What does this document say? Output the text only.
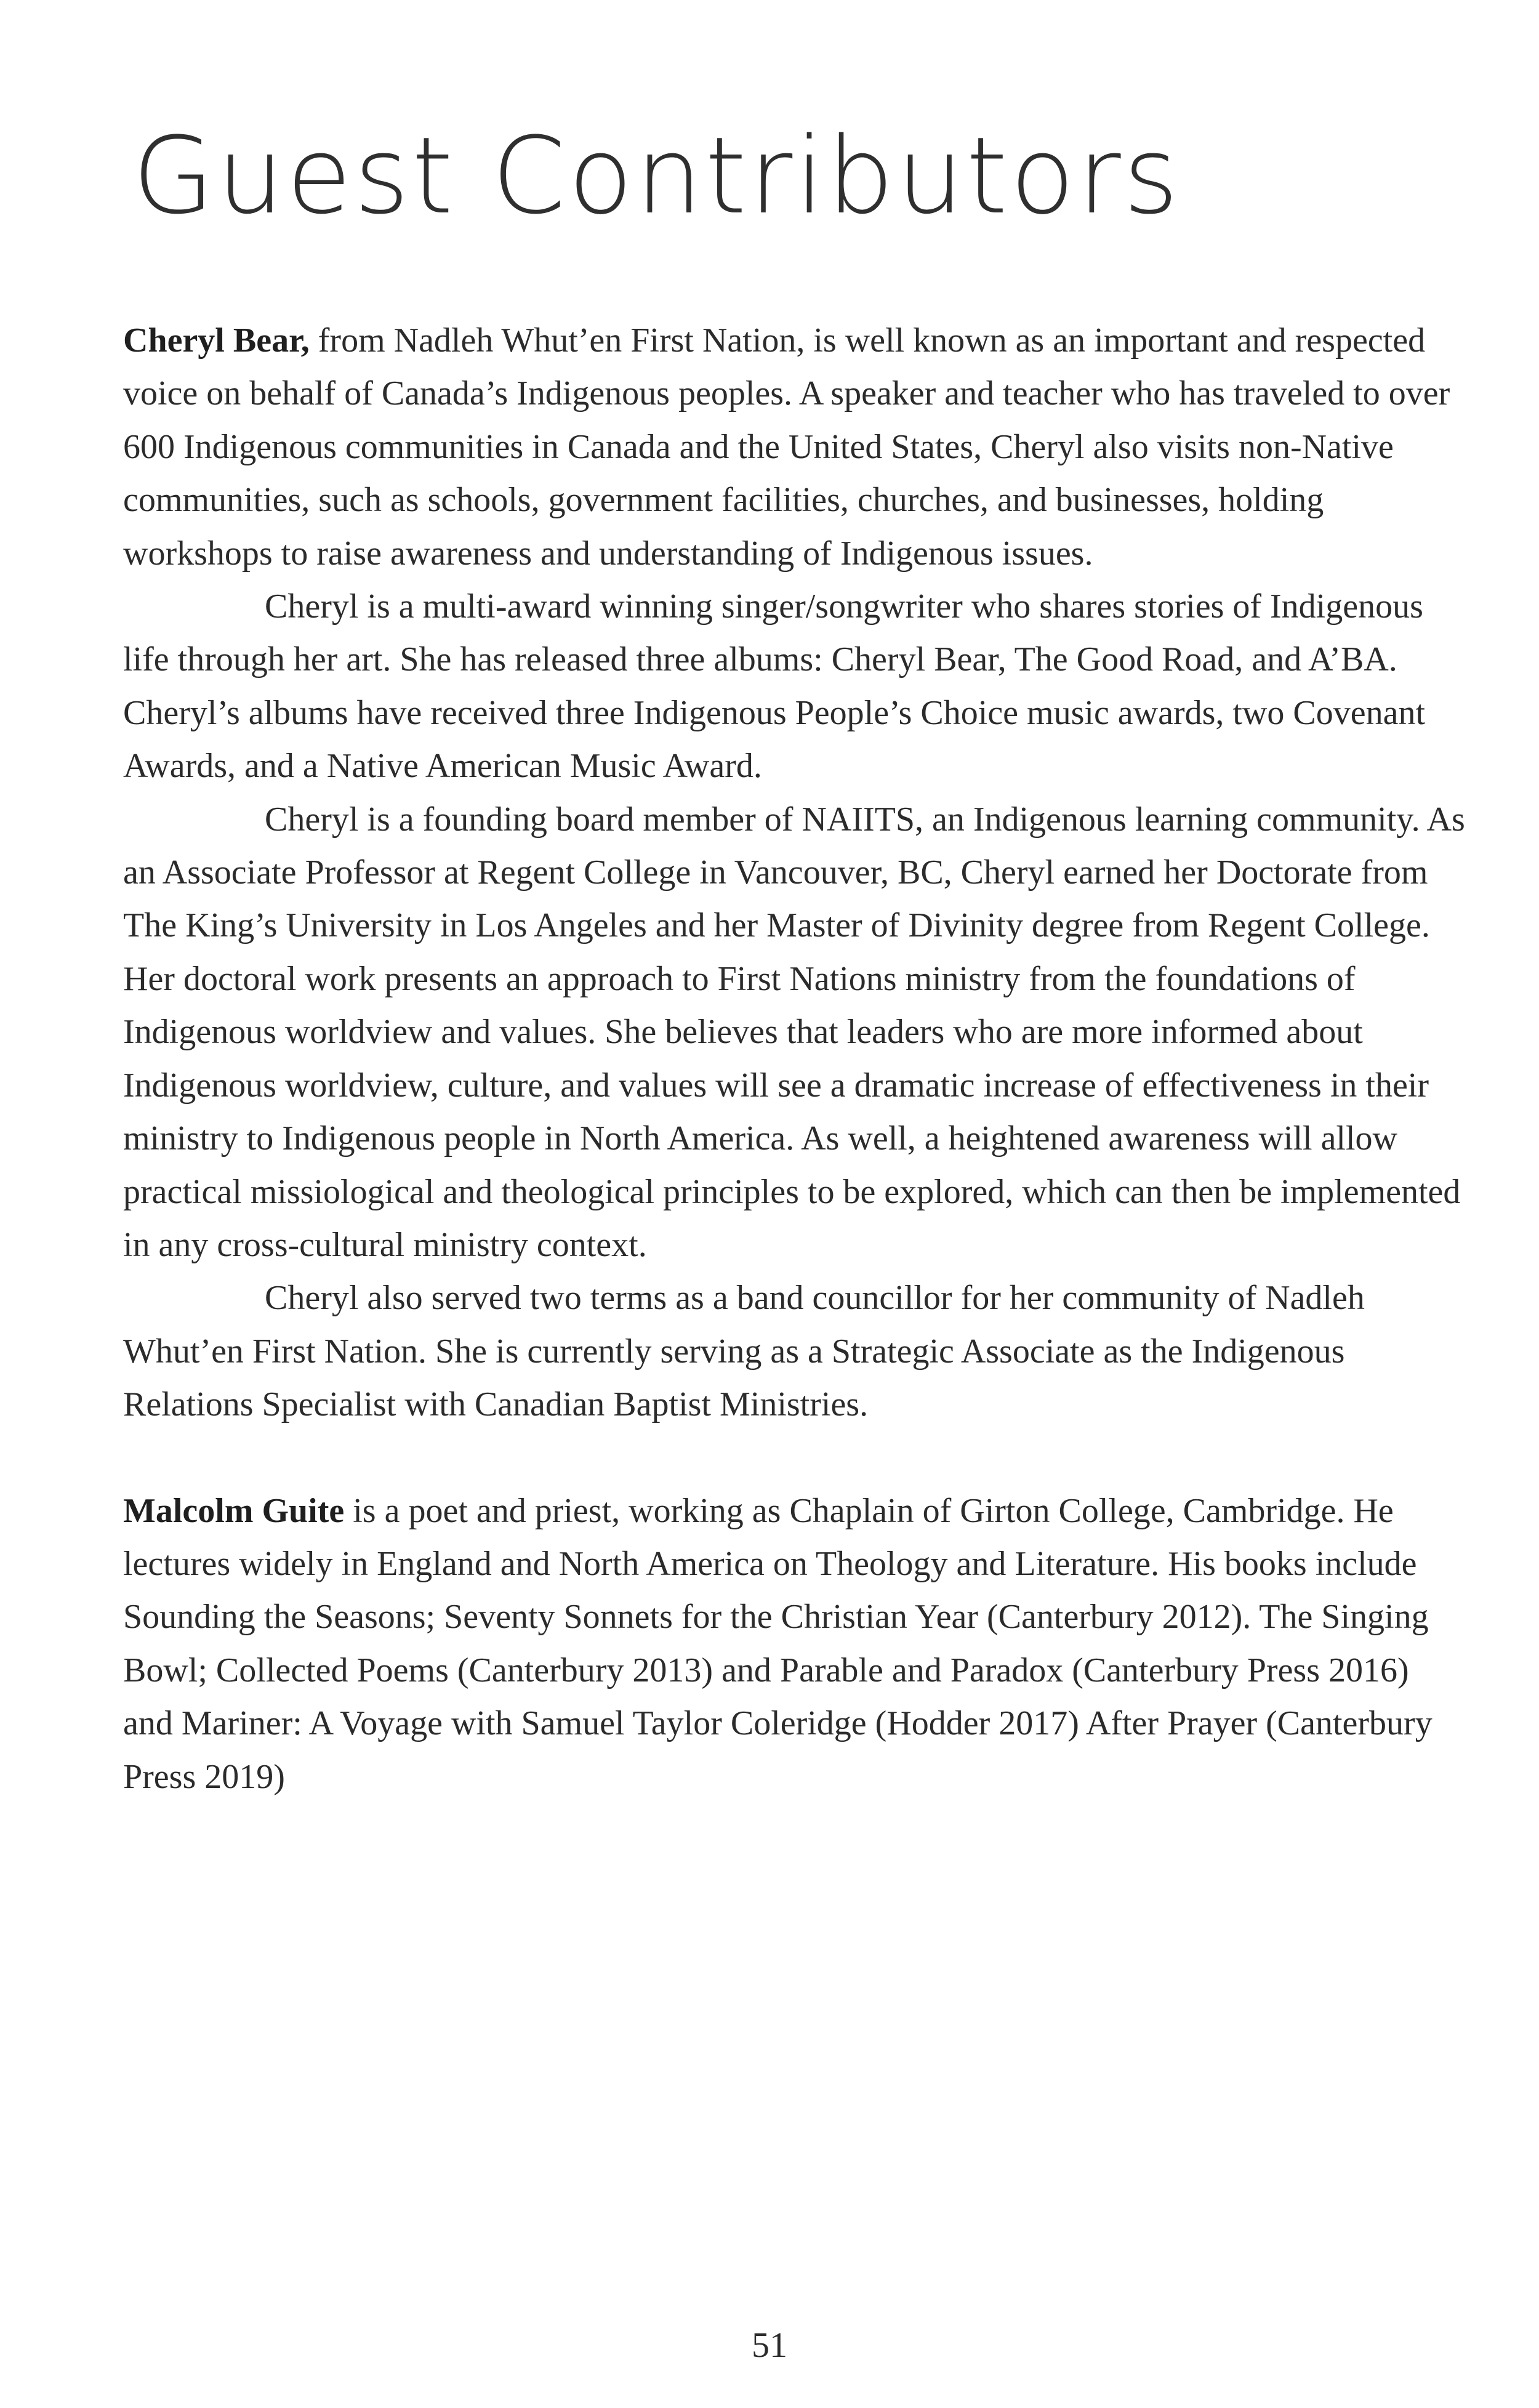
Guest Contributors

Cheryl Bear, from Nadleh Whut’en First Nation, is well known as an important and respected voice on behalf of Canada’s Indigenous peoples. A speaker and teacher who has traveled to over 600 Indigenous communities in Canada and the United States, Cheryl also visits non-Native communities, such as schools, government facilities, churches, and businesses, holding workshops to raise awareness and understanding of Indigenous issues.

Cheryl is a multi-award winning singer/songwriter who shares stories of Indigenous life through her art. She has released three albums: Cheryl Bear, The Good Road, and A’BA. Cheryl’s albums have received three Indigenous People’s Choice music awards, two Covenant Awards, and a Native American Music Award.

Cheryl is a founding board member of NAIITS, an Indigenous learning community. As an Associate Professor at Regent College in Vancouver, BC, Cheryl earned her Doctorate from The King’s University in Los Angeles and her Master of Divinity degree from Regent College. Her doctoral work presents an approach to First Nations ministry from the foundations of Indigenous worldview and values. She believes that leaders who are more informed about Indigenous worldview, culture, and values will see a dramatic increase of effectiveness in their ministry to Indigenous people in North America. As well, a heightened awareness will allow practical missiological and theological principles to be explored, which can then be implemented in any cross-cultural ministry context.

Cheryl also served two terms as a band councillor for her community of Nadleh Whut’en First Nation. She is currently serving as a Strategic Associate as the Indigenous Relations Specialist with Canadian Baptist Ministries.

Malcolm Guite is a poet and priest, working as Chaplain of Girton College, Cambridge. He lectures widely in England and North America on Theology and Literature. His books include Sounding the Seasons; Seventy Sonnets for the Christian Year (Canterbury 2012). The Singing Bowl; Collected Poems (Canterbury 2013) and Parable and Paradox (Canterbury Press 2016) and Mariner: A Voyage with Samuel Taylor Coleridge (Hodder 2017) After Prayer (Canterbury Press 2019)

51
